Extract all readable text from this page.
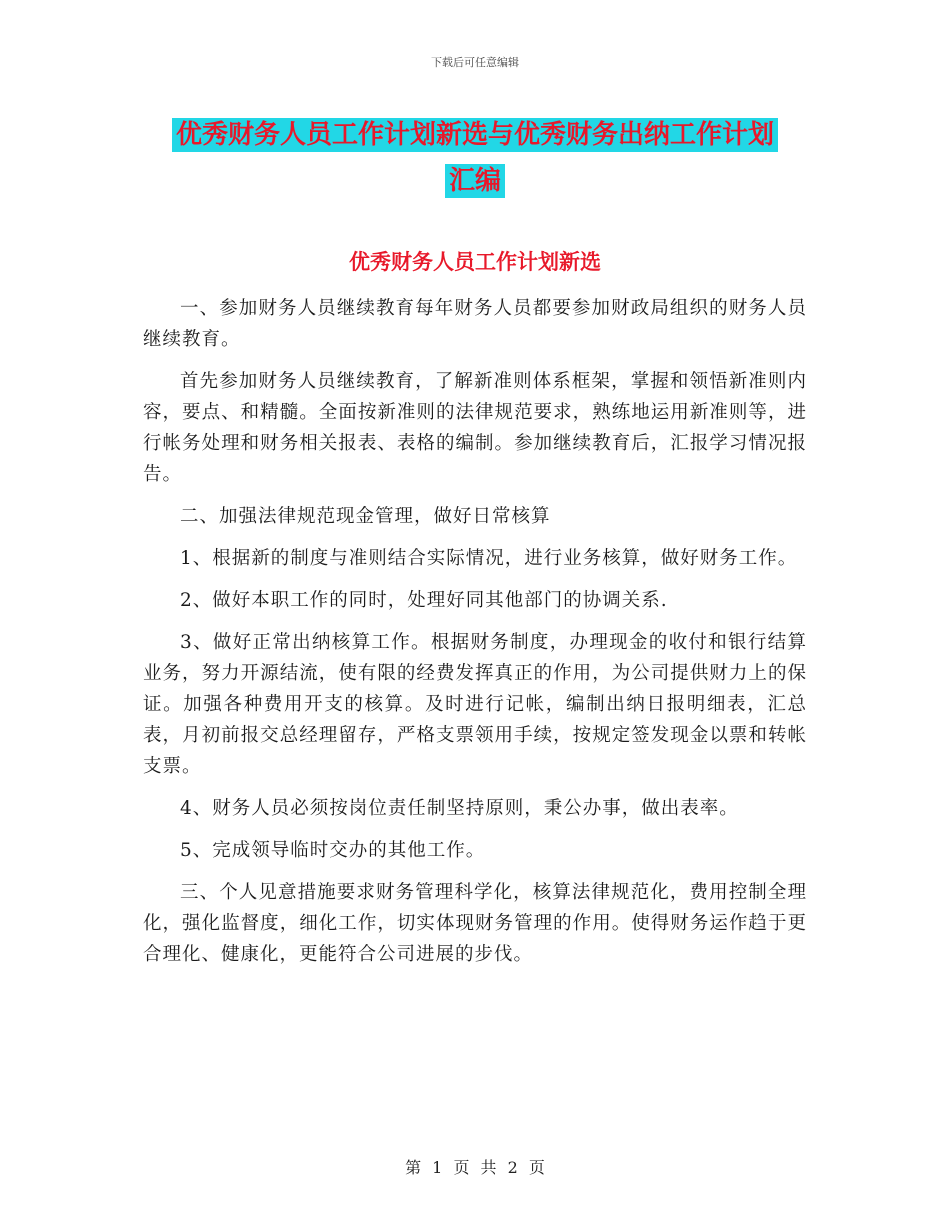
下载后可任意编辑
优秀财务人员工作计划新选与优秀财务出纳工作计划
汇编
优秀财务人员工作计划新选

一、参加财务人员继续教育每年财务人员都要参加财政局组织的财务人员继续教育。

首先参加财务人员继续教育，了解新准则体系框架，掌握和领悟新准则内容，要点、和精髓。全面按新准则的法律规范要求，熟练地运用新准则等，进行帐务处理和财务相关报表、表格的编制。参加继续教育后，汇报学习情况报告。

二、加强法律规范现金管理，做好日常核算

1、根据新的制度与准则结合实际情况，进行业务核算，做好财务工作。

2、做好本职工作的同时，处理好同其他部门的协调关系.

3、做好正常出纳核算工作。根据财务制度，办理现金的收付和银行结算业务，努力开源结流，使有限的经费发挥真正的作用，为公司提供财力上的保证。加强各种费用开支的核算。及时进行记帐，编制出纳日报明细表，汇总表，月初前报交总经理留存，严格支票领用手续，按规定签发现金以票和转帐支票。

4、财务人员必须按岗位责任制坚持原则，秉公办事，做出表率。

5、完成领导临时交办的其他工作。

三、个人见意措施要求财务管理科学化，核算法律规范化，费用控制全理化，强化监督度，细化工作，切实体现财务管理的作用。使得财务运作趋于更合理化、健康化，更能符合公司进展的步伐。

第 1 页 共 2 页
